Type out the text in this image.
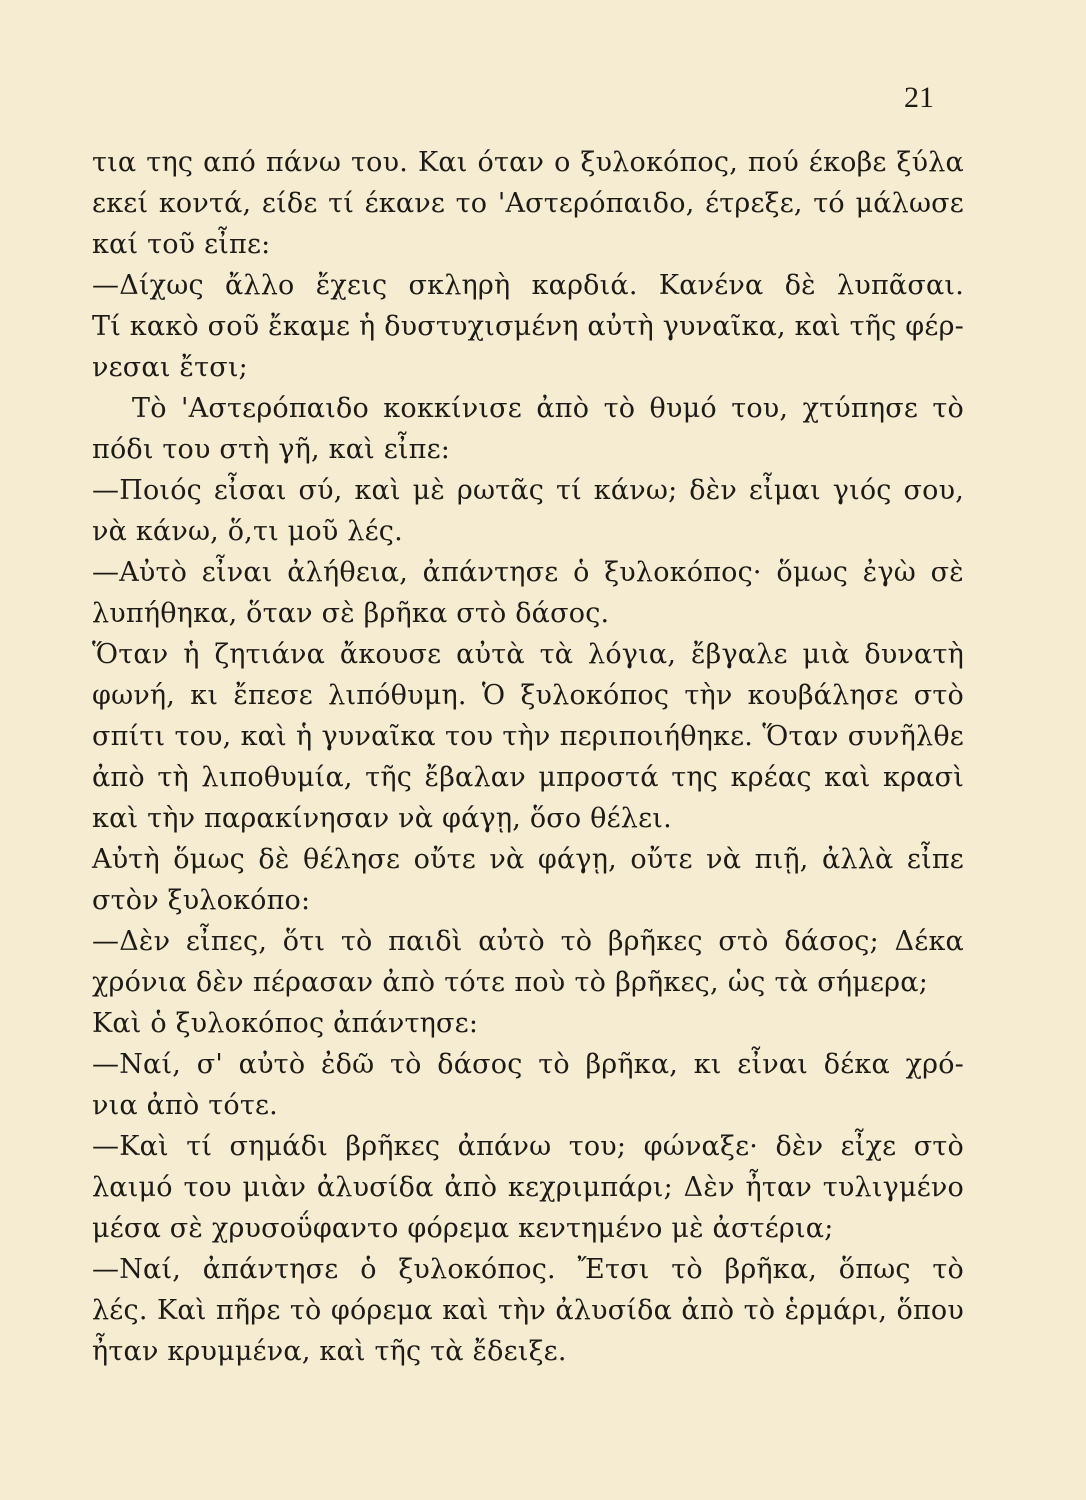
21
τια της από πάνω του. Και όταν ο ξυλοκόπος, πού έκοβε ξύλα
εκεί κοντά, είδε τί έκανε το 'Αστερόπαιδο, έτρεξε, τό μάλωσε
καί τοῦ εἶπε:
—Δίχως ἄλλο ἔχεις σκληρὴ καρδιά. Κανένα δὲ λυπᾶσαι.
Τί κακὸ σοῦ ἔκαμε ἡ δυστυχισμένη αὐτὴ γυναῖκα, καὶ τῆς φέρ-
νεσαι ἔτσι;
Τὸ 'Αστερόπαιδο κοκκίνισε ἀπὸ τὸ θυμό του, χτύπησε τὸ
πόδι του στὴ γῆ, καὶ εἶπε:
—Ποιός εἶσαι σύ, καὶ μὲ ρωτᾶς τί κάνω; δὲν εἶμαι γιός σου,
νὰ κάνω, ὅ,τι μοῦ λές.
—Αὐτὸ εἶναι ἀλήθεια, ἀπάντησε ὁ ξυλοκόπος· ὅμως ἐγὼ σὲ
λυπήθηκα, ὅταν σὲ βρῆκα στὸ δάσος.
Ὅταν ἡ ζητιάνα ἄκουσε αὐτὰ τὰ λόγια, ἔβγαλε μιὰ δυνατὴ
φωνή, κι ἔπεσε λιπόθυμη. Ὁ ξυλοκόπος τὴν κουβάλησε στὸ
σπίτι του, καὶ ἡ γυναῖκα του τὴν περιποιήθηκε. Ὅταν συνῆλθε
ἀπὸ τὴ λιποθυμία, τῆς ἔβαλαν μπροστά της κρέας καὶ κρασὶ
καὶ τὴν παρακίνησαν νὰ φάγῃ, ὅσο θέλει.
Αὐτὴ ὅμως δὲ θέλησε οὔτε νὰ φάγῃ, οὔτε νὰ πιῇ, ἀλλὰ εἶπε
στὸν ξυλοκόπο:
—Δὲν εἶπες, ὅτι τὸ παιδὶ αὐτὸ τὸ βρῆκες στὸ δάσος; Δέκα
χρόνια δὲν πέρασαν ἀπὸ τότε ποὺ τὸ βρῆκες, ὡς τὰ σήμερα;
Καὶ ὁ ξυλοκόπος ἀπάντησε:
—Ναί, σ' αὐτὸ ἐδῶ τὸ δάσος τὸ βρῆκα, κι εἶναι δέκα χρό-
νια ἀπὸ τότε.
—Καὶ τί σημάδι βρῆκες ἀπάνω του; φώναξε· δὲν εἶχε στὸ
λαιμό του μιὰν ἀλυσίδα ἀπὸ κεχριμπάρι; Δὲν ἦταν τυλιγμένο
μέσα σὲ χρυσοΰφαντο φόρεμα κεντημένο μὲ ἀστέρια;
—Ναί, ἀπάντησε ὁ ξυλοκόπος. Ἔτσι τὸ βρῆκα, ὅπως τὸ
λές. Καὶ πῆρε τὸ φόρεμα καὶ τὴν ἀλυσίδα ἀπὸ τὸ ἑρμάρι, ὅπου
ἦταν κρυμμένα, καὶ τῆς τὰ ἔδειξε.
